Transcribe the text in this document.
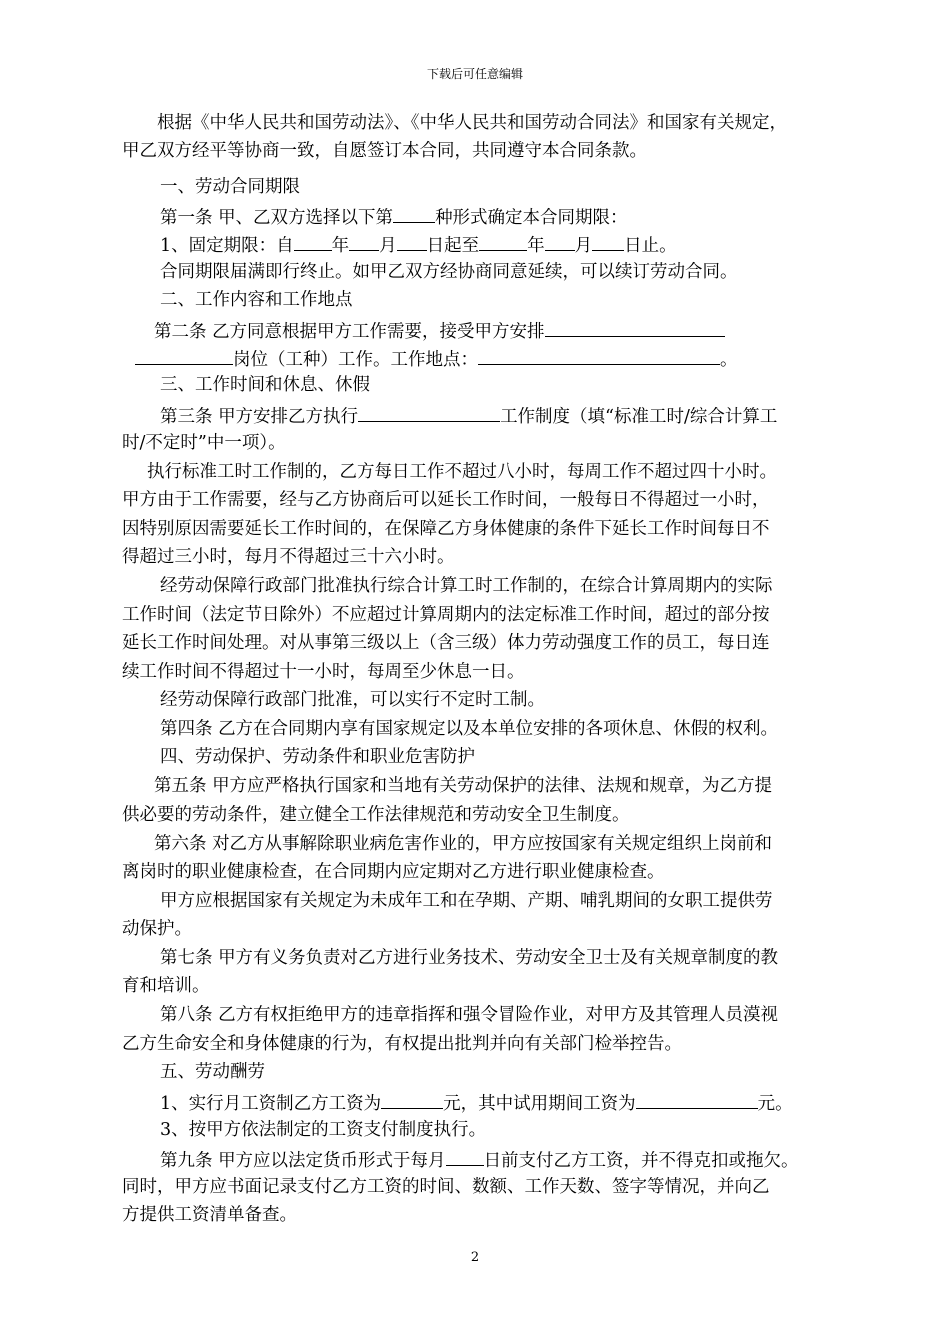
下载后可任意编辑
根据《中华人民共和国劳动法》、《中华人民共和国劳动合同法》和国家有关规定，
甲乙双方经平等协商一致，自愿签订本合同，共同遵守本合同条款。
一、劳动合同期限
第一条 甲、乙双方选择以下第 种形式确定本合同期限：
1、固定期限：自 年 月 日起至	年 月 日止。
合同期限届满即行终止。如甲乙双方经协商同意延续，可以续订劳动合同。
二、工作内容和工作地点
第二条 乙方同意根据甲方工作需要，接受甲方安排
岗位（工种）工作。工作地点：	。
三、工作时间和休息、休假
第三条 甲方安排乙方执行	工作制度（填“标准工时/综合计算工
时/不定时”中一项）。
执行标准工时工作制的，乙方每日工作不超过八小时，每周工作不超过四十小时。
甲方由于工作需要，经与乙方协商后可以延长工作时间，一般每日不得超过一小时，
因特别原因需要延长工作时间的，在保障乙方身体健康的条件下延长工作时间每日不
得超过三小时，每月不得超过三十六小时。
经劳动保障行政部门批准执行综合计算工时工作制的，在综合计算周期内的实际
工作时间（法定节日除外）不应超过计算周期内的法定标准工作时间，超过的部分按
延长工作时间处理。对从事第三级以上（含三级）体力劳动强度工作的员工，每日连
续工作时间不得超过十一小时，每周至少休息一日。
经劳动保障行政部门批准，可以实行不定时工制。
第四条 乙方在合同期内享有国家规定以及本单位安排的各项休息、休假的权利。
四、劳动保护、劳动条件和职业危害防护
第五条 甲方应严格执行国家和当地有关劳动保护的法律、法规和规章，为乙方提
供必要的劳动条件，建立健全工作法律规范和劳动安全卫生制度。
第六条 对乙方从事解除职业病危害作业的，甲方应按国家有关规定组织上岗前和
离岗时的职业健康检查，在合同期内应定期对乙方进行职业健康检查。
甲方应根据国家有关规定为未成年工和在孕期、产期、哺乳期间的女职工提供劳
动保护。
第七条 甲方有义务负责对乙方进行业务技术、劳动安全卫士及有关规章制度的教
育和培训。
第八条 乙方有权拒绝甲方的违章指挥和强令冒险作业，对甲方及其管理人员漠视
乙方生命安全和身体健康的行为，有权提出批判并向有关部门检举控告。
五、劳动酬劳
1、实行月工资制乙方工资为	元，其中试用期间工资为	元。
3、按甲方依法制定的工资支付制度执行。
第九条 甲方应以法定货币形式于每月 日前支付乙方工资，并不得克扣或拖欠。
同时，甲方应书面记录支付乙方工资的时间、数额、工作天数、签字等情况，并向乙
方提供工资清单备查。
2
